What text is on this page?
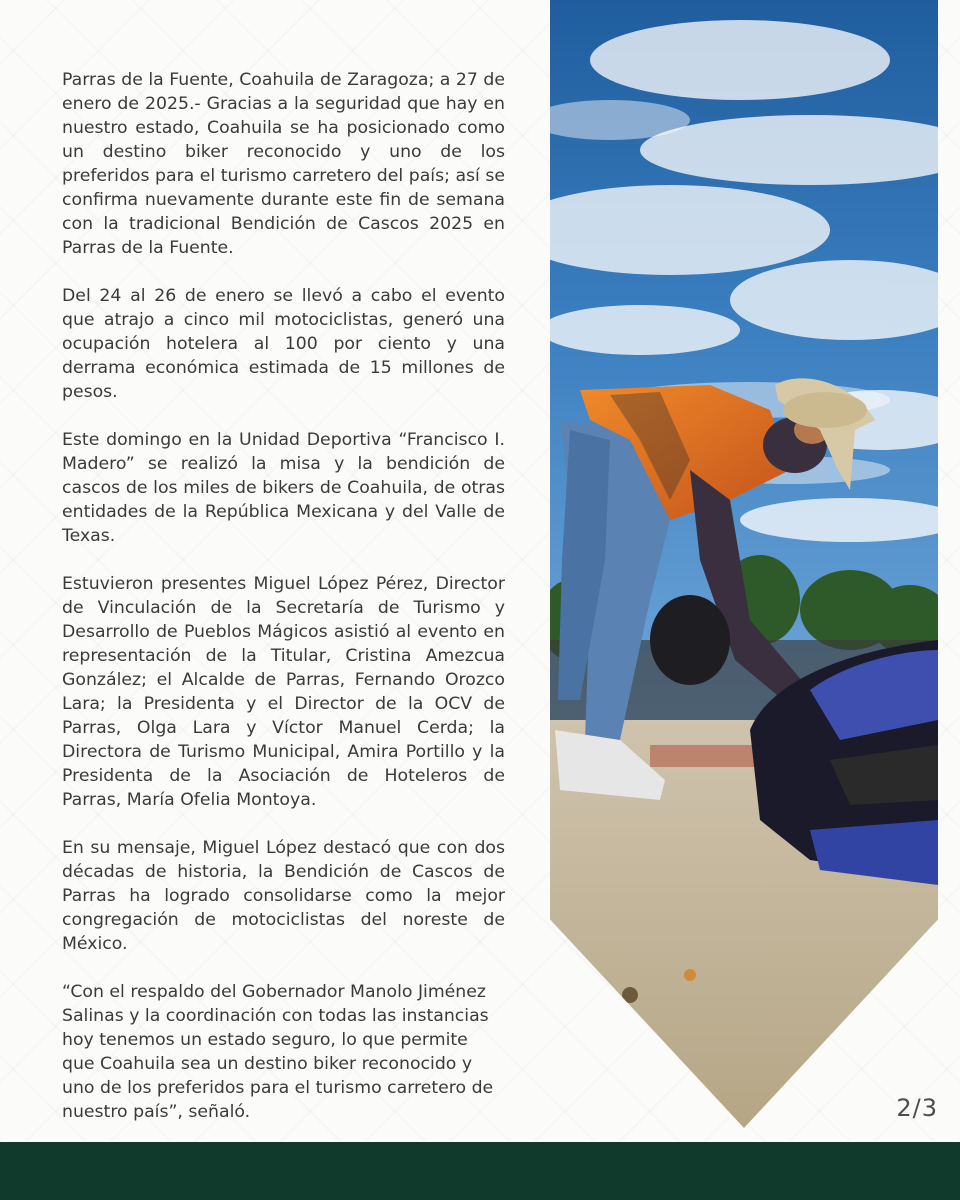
Parras de la Fuente, Coahuila de Zaragoza; a 27 de enero de 2025.- Gracias a la seguridad que hay en nuestro estado, Coahuila se ha posicionado como un destino biker reconocido y uno de los preferidos para el turismo carretero del país; así se confirma nuevamente durante este fin de semana con la tradicional Bendición de Cascos 2025 en Parras de la Fuente.

Del 24 al 26 de enero se llevó a cabo el evento que atrajo a cinco mil motociclistas, generó una ocupación hotelera al 100 por ciento y una derrama económica estimada de 15 millones de pesos.

Este domingo en la Unidad Deportiva “Francisco I. Madero” se realizó la misa y la bendición de cascos de los miles de bikers de Coahuila, de otras entidades de la República Mexicana y del Valle de Texas.

Estuvieron presentes Miguel López Pérez, Director de Vinculación de la Secretaría de Turismo y Desarrollo de Pueblos Mágicos asistió al evento en representación de la Titular, Cristina Amezcua González; el Alcalde de Parras, Fernando Orozco Lara; la Presidenta y el Director de la OCV de Parras, Olga Lara y Víctor Manuel Cerda; la Directora de Turismo Municipal, Amira Portillo y la Presidenta de la Asociación de Hoteleros de Parras, María Ofelia Montoya.

En su mensaje, Miguel López destacó que con dos décadas de historia, la Bendición de Cascos de Parras ha logrado consolidarse como la mejor congregación de motociclistas del noreste de México.

“Con el respaldo del Gobernador Manolo Jiménez Salinas y la coordinación con todas las instancias hoy tenemos un estado seguro, lo que permite que Coahuila sea un destino biker reconocido y uno de los preferidos para el turismo carretero de nuestro país”, señaló.	2/3
